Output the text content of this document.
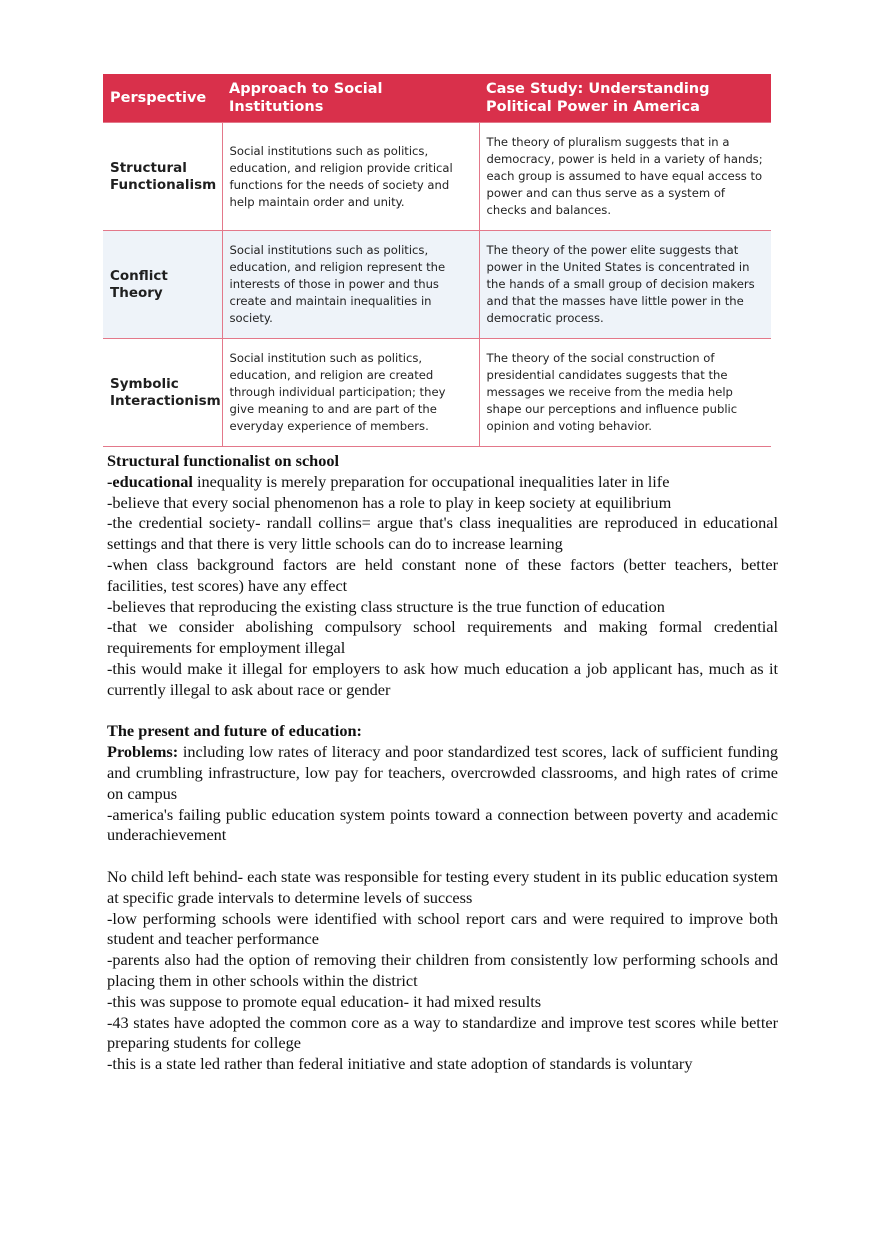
Perspective	Approach to Social Institutions	Case Study: Understanding Political Power in America
Structural Functionalism	Social institutions such as politics, education, and religion provide critical functions for the needs of society and help maintain order and unity.	The theory of pluralism suggests that in a democracy, power is held in a variety of hands; each group is assumed to have equal access to power and can thus serve as a system of checks and balances.
Conflict Theory	Social institutions such as politics, education, and religion represent the interests of those in power and thus create and maintain inequalities in society.	The theory of the power elite suggests that power in the United States is concentrated in the hands of a small group of decision makers and that the masses have little power in the democratic process.
Symbolic Interactionism	Social institution such as politics, education, and religion are created through individual participation; they give meaning to and are part of the everyday experience of members.	The theory of the social construction of presidential candidates suggests that the messages we receive from the media help shape our perceptions and influence public opinion and voting behavior.

Structural functionalist on school

-educational inequality is merely preparation for occupational inequalities later in life

-believe that every social phenomenon has a role to play in keep society at equilibrium

-the credential society- randall collins= argue that's class inequalities are reproduced in educational settings and that there is very little schools can do to increase learning

-when class background factors are held constant none of these factors (better teachers, better facilities, test scores) have any effect

-believes that reproducing the existing class structure is the true function of education

-that we consider abolishing compulsory school requirements and making formal credential requirements for employment illegal

-this would make it illegal for employers to ask how much education a job applicant has, much as it currently illegal to ask about race or gender

The present and future of education:

Problems: including low rates of literacy and poor standardized test scores, lack of sufficient funding and crumbling infrastructure, low pay for teachers, overcrowded classrooms, and high rates of crime on campus

-america's failing public education system points toward a connection between poverty and academic underachievement

No child left behind- each state was responsible for testing every student in its public education system at specific grade intervals to determine levels of success

-low performing schools were identified with school report cars and were required to improve both student and teacher performance

-parents also had the option of removing their children from consistently low performing schools and placing them in other schools within the district

-this was suppose to promote equal education- it had mixed results

-43 states have adopted the common core as a way to standardize and improve test scores while better preparing students for college

-this is a state led rather than federal initiative and state adoption of standards is voluntary
